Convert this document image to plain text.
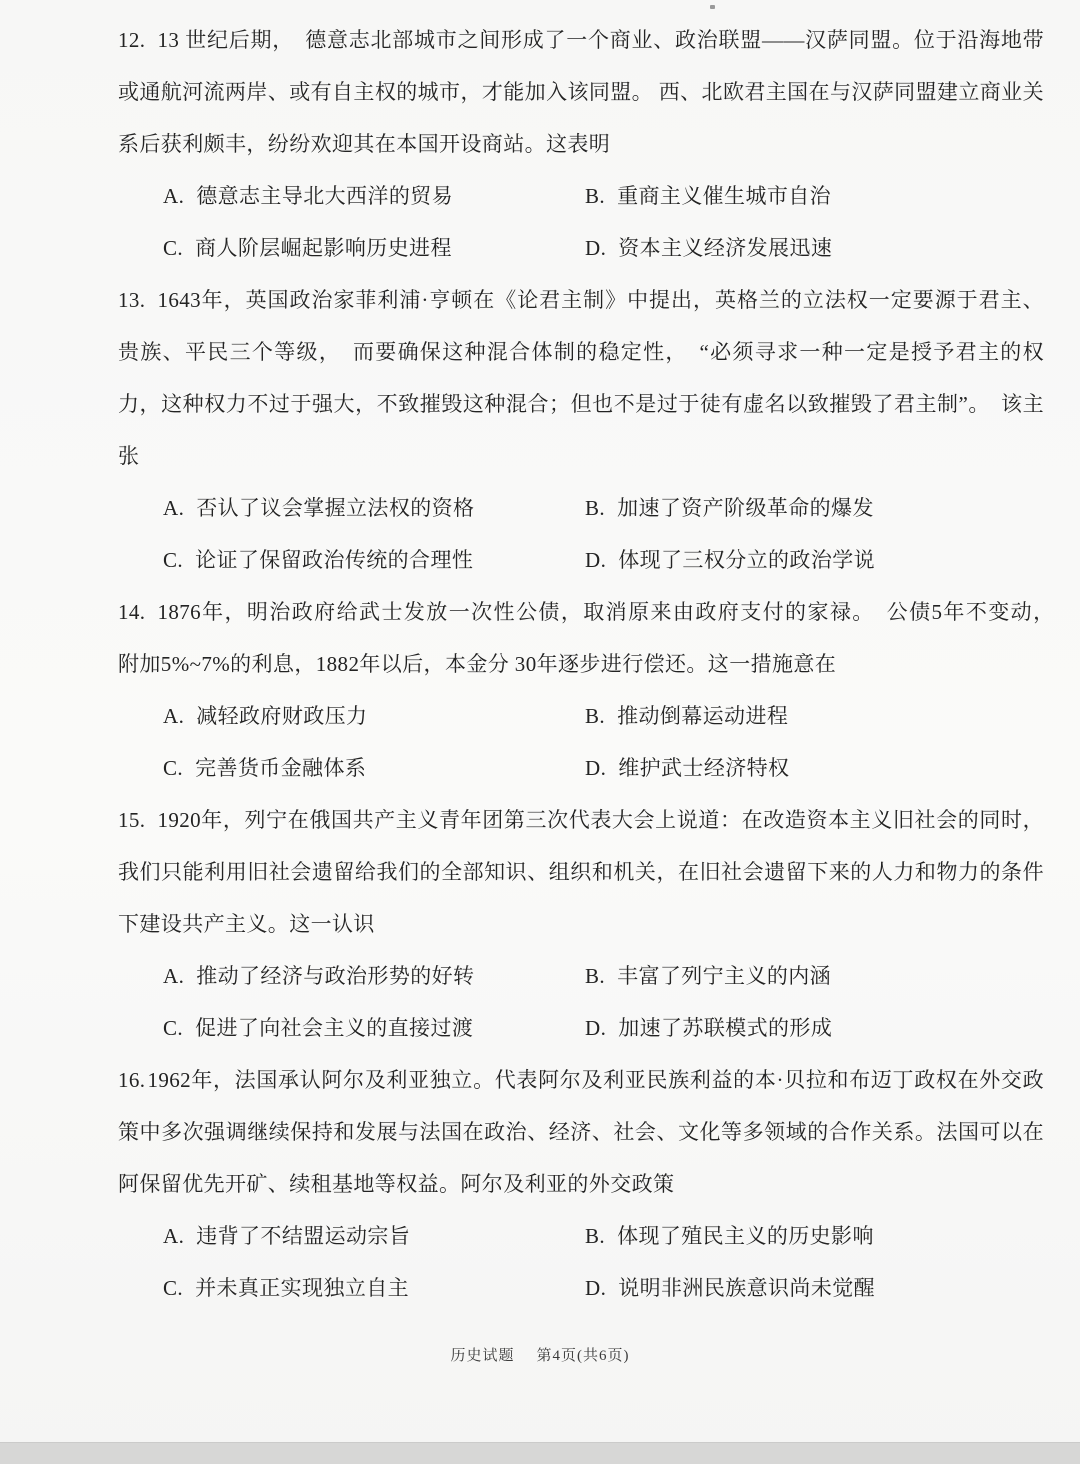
12. 13 世纪后期，　德意志北部城市之间形成了一个商业、政治联盟——汉萨同盟。位于沿海地带或通航河流两岸、或有自主权的城市，才能加入该同盟。 西、北欧君主国在与汉萨同盟建立商业关系后获利颇丰，纷纷欢迎其在本国开设商站。这表明

A. 德意志主导北大西洋的贸易	B. 重商主义催生城市自治
C. 商人阶层崛起影响历史进程	D. 资本主义经济发展迅速

13. 1643年，英国政治家菲利浦·亨顿在《论君主制》中提出，英格兰的立法权一定要源于君主、 贵族、平民三个等级，　而要确保这种混合体制的稳定性，　“必须寻求一种一定是授予君主的权力，这种权力不过于强大，不致摧毁这种混合；但也不是过于徒有虚名以致摧毁了君主制”。　该主张

A. 否认了议会掌握立法权的资格	B. 加速了资产阶级革命的爆发
C. 论证了保留政治传统的合理性	D. 体现了三权分立的政治学说

14. 1876年，明治政府给武士发放一次性公债，取消原来由政府支付的家禄。　公债5年不变动，　附加5%~7%的利息，1882年以后，本金分 30年逐步进行偿还。这一措施意在

A. 减轻政府财政压力	B. 推动倒幕运动进程
C. 完善货币金融体系	D. 维护武士经济特权

15. 1920年，列宁在俄国共产主义青年团第三次代表大会上说道：在改造资本主义旧社会的同时，我们只能利用旧社会遗留给我们的全部知识、组织和机关，在旧社会遗留下来的人力和物力的条件下建设共产主义。这一认识

A. 推动了经济与政治形势的好转	B. 丰富了列宁主义的内涵
C. 促进了向社会主义的直接过渡	D. 加速了苏联模式的形成

16.1962年，法国承认阿尔及利亚独立。代表阿尔及利亚民族利益的本·贝拉和布迈丁政权在外交政策中多次强调继续保持和发展与法国在政治、经济、社会、文化等多领域的合作关系。法国可以在阿保留优先开矿、续租基地等权益。阿尔及利亚的外交政策

A. 违背了不结盟运动宗旨	B. 体现了殖民主义的历史影响
C. 并未真正实现独立自主	D. 说明非洲民族意识尚未觉醒
历史试题 第4页(共6页)
